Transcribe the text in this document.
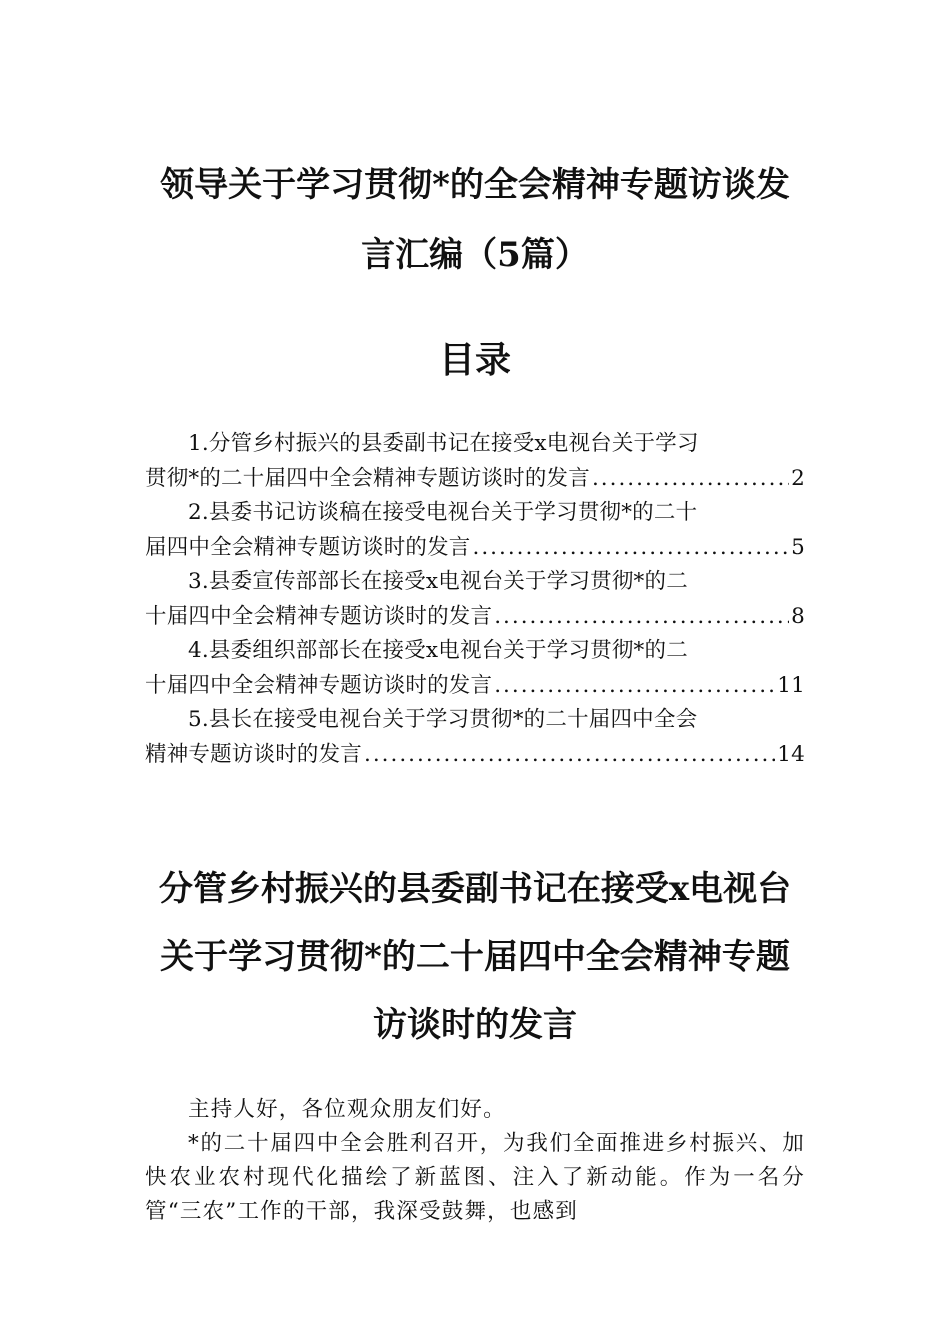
领导关于学习贯彻*的全会精神专题访谈发言汇编（5篇）
目录
1.分管乡村振兴的县委副书记在接受x电视台关于学习
贯彻*的二十届四中全会精神专题访谈时的发言 .....	2
2.县委书记访谈稿在接受电视台关于学习贯彻*的二十
届四中全会精神专题访谈时的发言 .....	5
3.县委宣传部部长在接受x电视台关于学习贯彻*的二
十届四中全会精神专题访谈时的发言 .....	8
4.县委组织部部长在接受x电视台关于学习贯彻*的二
十届四中全会精神专题访谈时的发言 .....	11
5.县长在接受电视台关于学习贯彻*的二十届四中全会
精神专题访谈时的发言 .....	14
分管乡村振兴的县委副书记在接受x电视台关于学习贯彻*的二十届四中全会精神专题访谈时的发言

主持人好，各位观众朋友们好。

*的二十届四中全会胜利召开，为我们全面推进乡村振兴、加快农业农村现代化描绘了新蓝图、注入了新动能。作为一名分管“三农”工作的干部，我深受鼓舞，也感到
